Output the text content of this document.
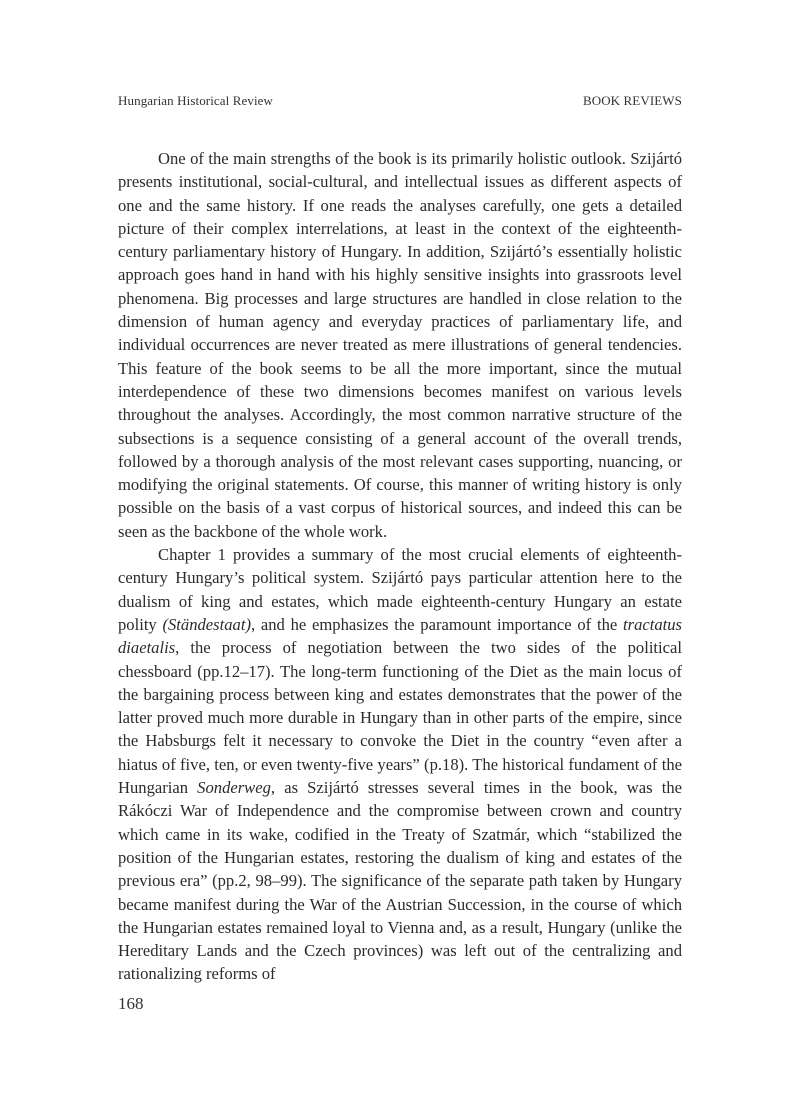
Hungarian Historical Review	BOOK REVIEWS

One of the main strengths of the book is its primarily holistic outlook. Szijártó presents institutional, social-cultural, and intellectual issues as different aspects of one and the same history. If one reads the analyses carefully, one gets a detailed picture of their complex interrelations, at least in the context of the eighteenth-century parliamentary history of Hungary. In addition, Szijártó’s essentially holistic approach goes hand in hand with his highly sensitive insights into grassroots level phenomena. Big processes and large structures are handled in close relation to the dimension of human agency and everyday practices of parliamentary life, and individual occurrences are never treated as mere illustrations of general tendencies. This feature of the book seems to be all the more important, since the mutual interdependence of these two dimensions becomes manifest on various levels throughout the analyses. Accordingly, the most common narrative structure of the subsections is a sequence consisting of a general account of the overall trends, followed by a thorough analysis of the most relevant cases supporting, nuancing, or modifying the original statements. Of course, this manner of writing history is only possible on the basis of a vast corpus of historical sources, and indeed this can be seen as the backbone of the whole work.

Chapter 1 provides a summary of the most crucial elements of eighteenth-century Hungary’s political system. Szijártó pays particular attention here to the dualism of king and estates, which made eighteenth-century Hungary an estate polity (Ständestaat), and he emphasizes the paramount importance of the tractatus diaetalis, the process of negotiation between the two sides of the political chessboard (pp.12–17). The long-term functioning of the Diet as the main locus of the bargaining process between king and estates demonstrates that the power of the latter proved much more durable in Hungary than in other parts of the empire, since the Habsburgs felt it necessary to convoke the Diet in the country “even after a hiatus of five, ten, or even twenty-five years” (p.18). The historical fundament of the Hungarian Sonderweg, as Szijártó stresses several times in the book, was the Rákóczi War of Independence and the compromise between crown and country which came in its wake, codified in the Treaty of Szatmár, which “stabilized the position of the Hungarian estates, restoring the dualism of king and estates of the previous era” (pp.2, 98–99). The significance of the separate path taken by Hungary became manifest during the War of the Austrian Succession, in the course of which the Hungarian estates remained loyal to Vienna and, as a result, Hungary (unlike the Hereditary Lands and the Czech provinces) was left out of the centralizing and rationalizing reforms of

168
